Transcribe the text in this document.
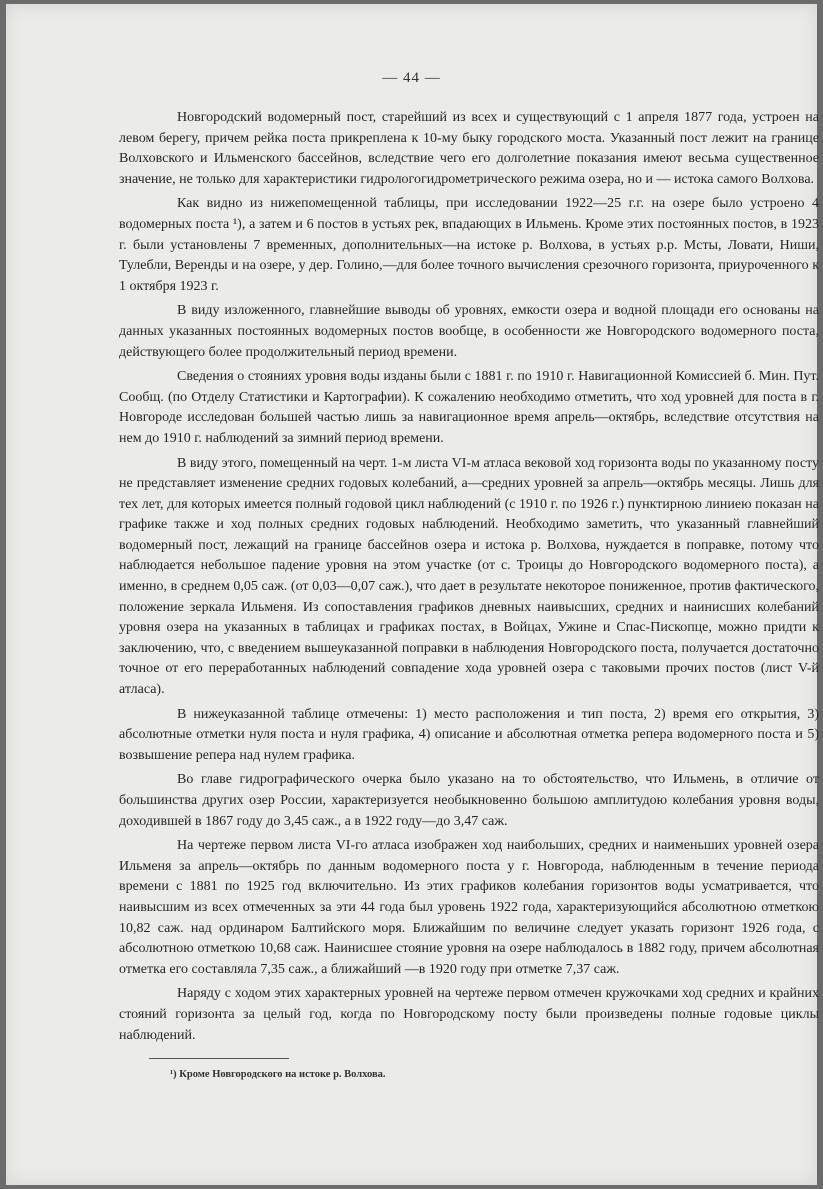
— 44 —

Новгородский водомерный пост, старейший из всех и существующий с 1 апреля 1877 года, устроен на левом берегу, причем рейка поста прикреплена к 10-му быку городского моста. Указанный пост лежит на границе Волховского и Ильменского бассейнов, вследствие чего его долголетние показания имеют весьма существенное значение, не только для характеристики гидрологогидрометрического режима озера, но и — истока самого Волхова.

Как видно из нижепомещенной таблицы, при исследовании 1922—25 г.г. на озере было устроено 4 водомерных поста ¹), а затем и 6 постов в устьях рек, впадающих в Ильмень. Кроме этих постоянных постов, в 1923 г. были установлены 7 временных, дополнительных—на истоке р. Волхова, в устьях р.р. Мсты, Ловати, Ниши, Тулебли, Веренды и на озере, у дер. Голино,—для более точного вычисления срезочного горизонта, приуроченного к 1 октября 1923 г.

В виду изложенного, главнейшие выводы об уровнях, емкости озера и водной площади его основаны на данных указанных постоянных водомерных постов вообще, в особенности же Новгородского водомерного поста, действующего более продолжительный период времени.

Сведения о стояниях уровня воды изданы были с 1881 г. по 1910 г. Навигационной Комиссией б. Мин. Пут. Сообщ. (по Отделу Статистики и Картографии). К сожалению необходимо отметить, что ход уровней для поста в г. Новгороде исследован большей частью лишь за навигационное время апрель—октябрь, вследствие отсутствия на нем до 1910 г. наблюдений за зимний период времени.

В виду этого, помещенный на черт. 1-м листа VI-м атласа вековой ход горизонта воды по указанному посту не представляет изменение средних годовых колебаний, а—средних уровней за апрель—октябрь месяцы. Лишь для тех лет, для которых имеется полный годовой цикл наблюдений (с 1910 г. по 1926 г.) пунктирною линиею показан на графике также и ход полных средних годовых наблюдений. Необходимо заметить, что указанный главнейший водомерный пост, лежащий на границе бассейнов озера и истока р. Волхова, нуждается в поправке, потому что наблюдается небольшое падение уровня на этом участке (от с. Троицы до Новгородского водомерного поста), а именно, в среднем 0,05 саж. (от 0,03—0,07 саж.), что дает в результате некоторое пониженное, против фактического, положение зеркала Ильменя. Из сопоставления графиков дневных наивысших, средних и наинисших колебаний уровня озера на указанных в таблицах и графиках постах, в Войцах, Ужине и Спас-Пископце, можно придти к заключению, что, с введением вышеуказанной поправки в наблюдения Новгородского поста, получается достаточно точное от его переработанных наблюдений совпадение хода уровней озера с таковыми прочих постов (лист V-й атласа).

В нижеуказанной таблице отмечены: 1) место расположения и тип поста, 2) время его открытия, 3) абсолютные отметки нуля поста и нуля графика, 4) описание и абсолютная отметка репера водомерного поста и 5) возвышение репера над нулем графика.

Во главе гидрографического очерка было указано на то обстоятельство, что Ильмень, в отличие от большинства других озер России, характеризуется необыкновенно большою амплитудою колебания уровня воды, доходившей в 1867 году до 3,45 саж., а в 1922 году—до 3,47 саж.

На чертеже первом листа VI-го атласа изображен ход наибольших, средних и наименьших уровней озера Ильменя за апрель—октябрь по данным водомерного поста у г. Новгорода, наблюденным в течение периода времени с 1881 по 1925 год включительно. Из этих графиков колебания горизонтов воды усматривается, что наивысшим из всех отмеченных за эти 44 года был уровень 1922 года, характеризующийся абсолютною отметкою 10,82 саж. над ординаром Балтийского моря. Ближайшим по величине следует указать горизонт 1926 года, с абсолютною отметкою 10,68 саж. Наинисшее стояние уровня на озере наблюдалось в 1882 году, причем абсолютная отметка его составляла 7,35 саж., а ближайший —в 1920 году при отметке 7,37 саж.

Наряду с ходом этих характерных уровней на чертеже первом отмечен кружочками ход средних и крайних стояний горизонта за целый год, когда по Новгородскому посту были произведены полные годовые циклы наблюдений.

¹) Кроме Новгородского на истоке р. Волхова.
